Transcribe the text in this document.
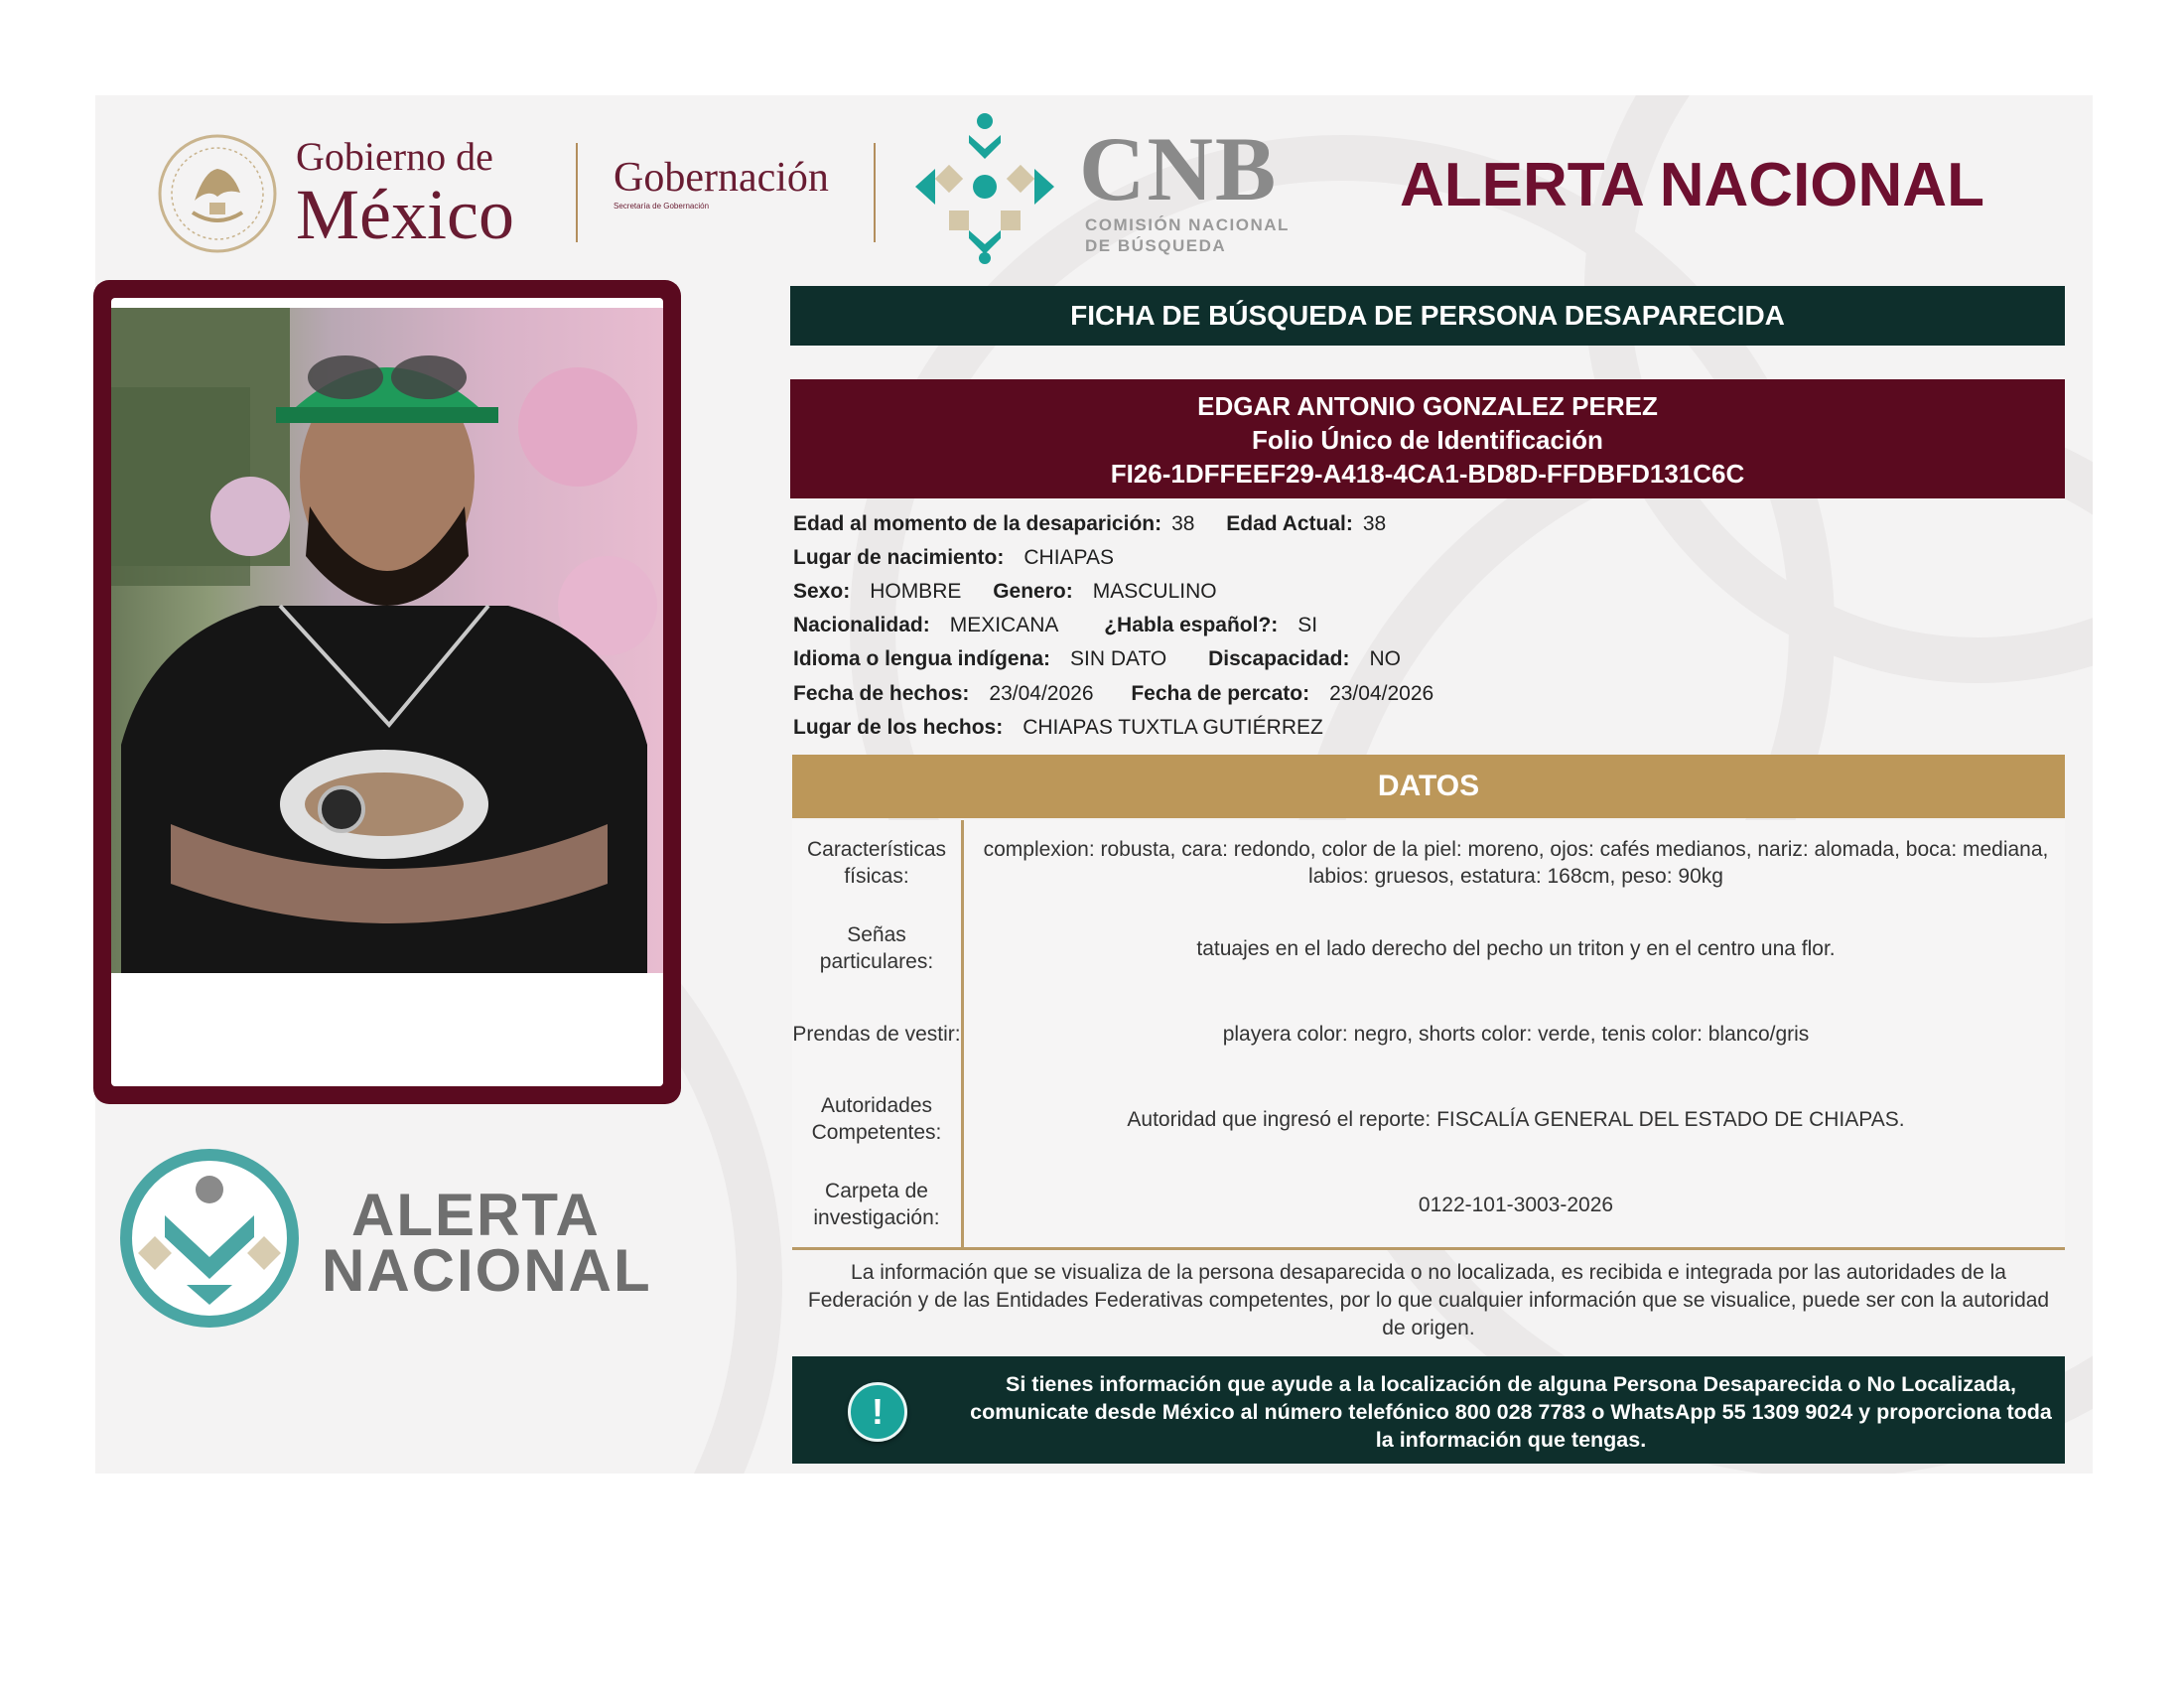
Gobierno de
México Gobernación
Secretaría de Gobernación	CNB
COMISIÓN NACIONAL
DE BÚSQUEDA
ALERTA NACIONAL
ALERTA
NACIONAL
FICHA DE BÚSQUEDA DE PERSONA DESAPARECIDA
EDGAR ANTONIO GONZALEZ PEREZ
Folio Único de Identificación
FI26-1DFFEEF29-A418-4CA1-BD8D-FFDBFD131C6C
Edad al momento de la desaparición: 38 Edad Actual: 38
Lugar de nacimiento: CHIAPAS
Sexo: HOMBRE Genero: MASCULINO
Nacionalidad: MEXICANA ¿Habla español?: SI
Idioma o lengua indígena: SIN DATO Discapacidad: NO
Fecha de hechos: 23/04/2026 Fecha de percato: 23/04/2026
Lugar de los hechos: CHIAPAS TUXTLA GUTIÉRREZ
DATOS
Características físicas:
complexion: robusta, cara: redondo, color de la piel: moreno, ojos: cafés medianos, nariz: alomada, boca: mediana, labios: gruesos, estatura: 168cm, peso: 90kg
Señas particulares:
tatuajes en el lado derecho del pecho un triton y en el centro una flor.
Prendas de vestir:	playera color: negro, shorts color: verde, tenis color: blanco/gris
Autoridades Competentes:
Autoridad que ingresó el reporte: FISCALÍA GENERAL DEL ESTADO DE CHIAPAS.
Carpeta de investigación:
0122-101-3003-2026
La información que se visualiza de la persona desaparecida o no localizada, es recibida e integrada por las autoridades de la Federación y de las Entidades Federativas competentes, por lo que cualquier información que se visualice, puede ser con la autoridad de origen.
!
Si tienes información que ayude a la localización de alguna Persona Desaparecida o No Localizada, comunicate desde México al número telefónico 800 028 7783 o WhatsApp 55 1309 9024 y proporciona toda la información que tengas.
